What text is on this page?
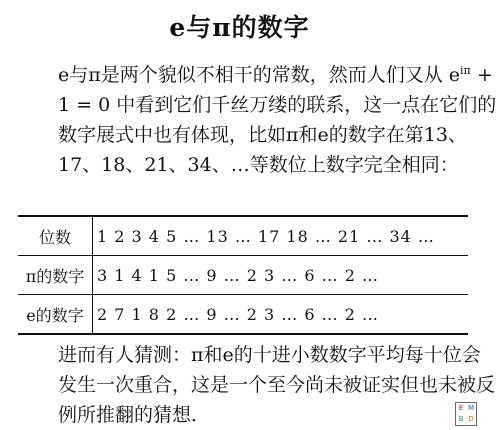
e与π的数字

e与π是两个貌似不相干的常数，然而人们又从 $e^{i\pi} + 1 = 0$ 中看到它们千丝万缕的联系，这一点在它们的数字展式中也有体现，比如π和e的数字在第13、17、18、21、34、…等数位上数字完全相同：

位数	1 2 3 4 5 … 13 … 17 18 … 21 … 34 …
π的数字	3 1 4 1 5 … 9 … 2 3 … 6 … 2 …
e的数字	2 7 1 8 2 … 9 … 2 3 … 6 … 2 …

进而有人猜测：π和e的十进小数数字平均每十位会发生一次重合，这是一个至今尚未被证实但也未被反例所推翻的猜想．	E M
B D
